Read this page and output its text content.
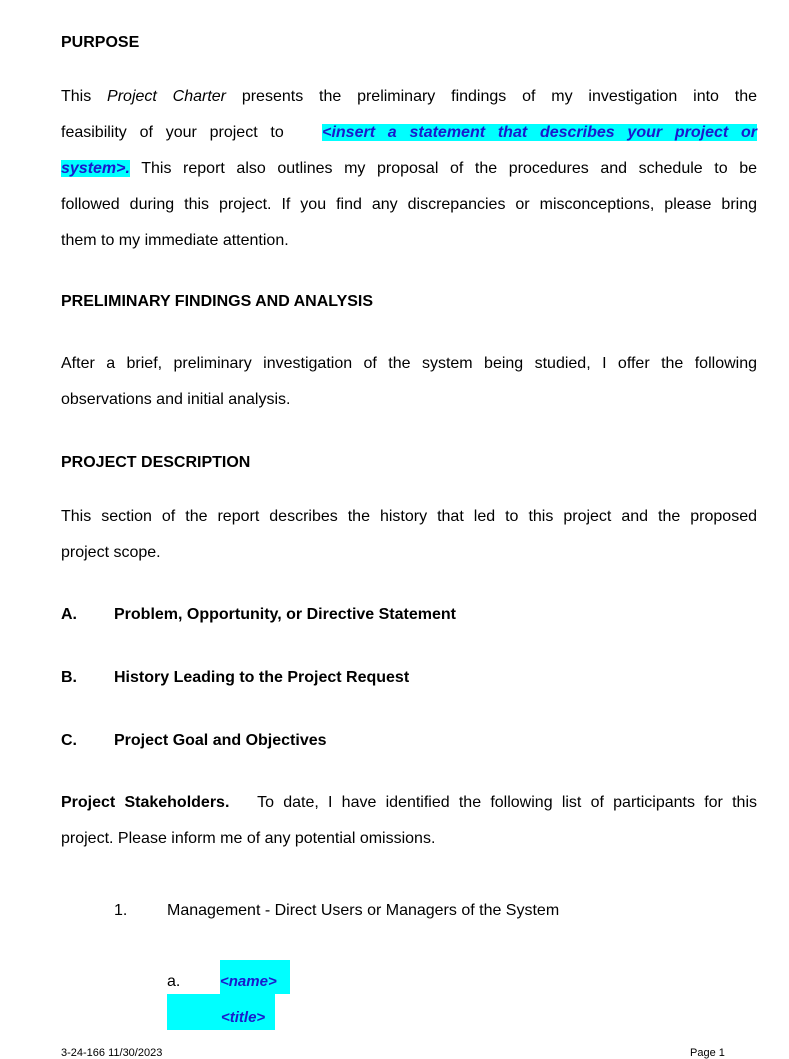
PURPOSE
This Project Charter presents the preliminary findings of my investigation into the
feasibility of your project to <insert a statement that describes your project or
system>. This report also outlines my proposal of the procedures and schedule to be
followed during this project. If you find any discrepancies or misconceptions, please bring
them to my immediate attention.
PRELIMINARY FINDINGS AND ANALYSIS
After a brief, preliminary investigation of the system being studied, I offer the following
observations and initial analysis.
PROJECT DESCRIPTION
This section of the report describes the history that led to this project and the proposed
project scope.
A. Problem, Opportunity, or Directive Statement
B. History Leading to the Project Request
C. Project Goal and Objectives
Project Stakeholders. To date, I have identified the following list of participants for this
project. Please inform me of any potential omissions.
1. Management - Direct Users or Managers of the System
a.	<name>
<title>
3-24-166 11/30/2023	Page 1
